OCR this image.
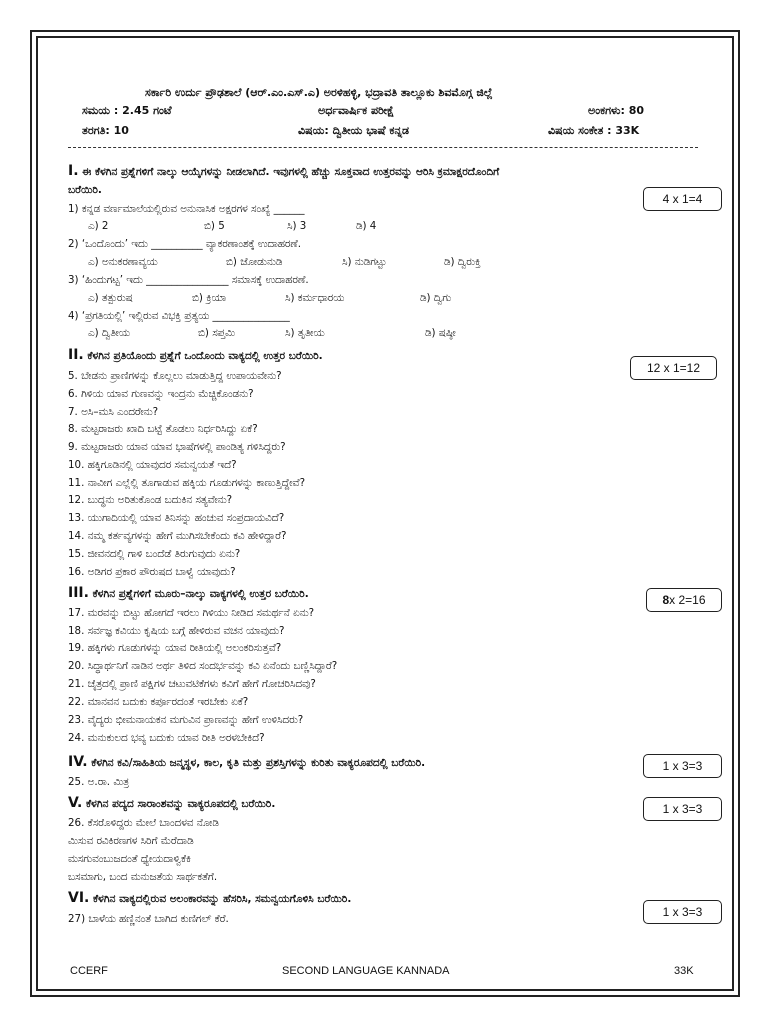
ಸರ್ಕಾರಿ ಉರ್ದು ಪ್ರೌಢಶಾಲೆ (ಆರ್.ಎಂ.ಎಸ್.ಎ) ಅರಳಿಹಳ್ಳಿ, ಭದ್ರಾವತಿ ತಾಲ್ಲೂಕು ಶಿವಮೊಗ್ಗ ಜಿಲ್ಲೆ
ಸಮಯ : 2.45 ಗಂಟೆ	ಅರ್ಧವಾರ್ಷಿಕ ಪರೀಕ್ಷೆ	ಅಂಕಗಳು: 80
ತರಗತಿ: 10	ವಿಷಯ: ದ್ವಿತೀಯ ಭಾಷೆ ಕನ್ನಡ	ವಿಷಯ ಸಂಕೇತ : 33K
I. ಈ ಕೆಳಗಿನ ಪ್ರಶ್ನೆಗಳಿಗೆ ನಾಲ್ಕು ಆಯ್ಕೆಗಳನ್ನು ನೀಡಲಾಗಿದೆ. ಇವುಗಳಲ್ಲಿ ಹೆಚ್ಚು ಸೂಕ್ತವಾದ ಉತ್ತರವನ್ನು ಆರಿಸಿ ಕ್ರಮಾಕ್ಷರದೊಂದಿಗೆ
ಬರೆಯಿರಿ.
4 x 1=4
1) ಕನ್ನಡ ವರ್ಣಮಾಲೆಯಲ್ಲಿರುವ ಅನುನಾಸಿಕ ಅಕ್ಷರಗಳ ಸಂಖ್ಯೆ ______
ಎ) 2	ಬಿ) 5	ಸಿ) 3	ಡಿ) 4
2) ‘ಒಂದೊಂದು’ ಇದು __________ ವ್ಯಾಕರಣಾಂಶಕ್ಕೆ ಉದಾಹರಣೆ.
ಎ) ಅನುಕರಣಾವ್ಯಯ	ಬಿ) ಜೋಡುನುಡಿ	ಸಿ) ನುಡಿಗಟ್ಟು	ಡಿ) ದ್ವಿರುಕ್ತಿ
3) ‘ಹಿಂದುಗಟ್ಟ’ ಇದು ________________ ಸಮಾಸಕ್ಕೆ ಉದಾಹರಣೆ.
ಎ) ತತ್ಪುರುಷ	ಬಿ) ಕ್ರಿಯಾ	ಸಿ) ಕರ್ಮಧಾರಯ	ಡಿ) ದ್ವಿಗು
4) ‘ಪ್ರಗತಿಯಲ್ಲಿ’ ಇಲ್ಲಿರುವ ವಿಭಕ್ತಿ ಪ್ರತ್ಯಯ _______________
ಎ) ದ್ವಿತೀಯ	ಬಿ) ಸಪ್ತಮಿ	ಸಿ) ತೃತೀಯ	ಡಿ) ಷಷ್ಠೀ
II. ಕೆಳಗಿನ ಪ್ರತಿಯೊಂದು ಪ್ರಶ್ನೆಗೆ ಒಂದೊಂದು ವಾಕ್ಯದಲ್ಲಿ ಉತ್ತರ ಬರೆಯಿರಿ.
12 x 1=12
5. ಬೇಡನು ಪ್ರಾಣಿಗಳನ್ನು ಕೊಲ್ಲಲು ಮಾಡುತ್ತಿದ್ದ ಉಪಾಯವೇನು?
6. ಗಿಳಿಯ ಯಾವ ಗುಣವನ್ನು ಇಂದ್ರನು ಮೆಚ್ಚಿಕೊಂಡನು?
7. ಅಸಿ–ಮಸಿ ಎಂದರೇನು?
8. ಮಟ್ಟರಾಜರು ಖಾದಿ ಬಟ್ಟೆ ತೊಡಲು ನಿರ್ಧರಿಸಿದ್ದು ಏಕೆ?
9. ಮಟ್ಟರಾಜರು ಯಾವ ಯಾವ ಭಾಷೆಗಳಲ್ಲಿ ಪಾಂಡಿತ್ಯ ಗಳಿಸಿದ್ದರು?
10. ಹಕ್ಕಿಗೂಡಿನಲ್ಲಿ ಯಾವುದರ ಸಮನ್ವಯತೆ ಇದೆ?
11. ನಾವೀಗ ಎಲ್ಲೆಲ್ಲಿ ತೂಗಾಡುವ ಹಕ್ಕಿಯ ಗೂಡುಗಳನ್ನು ಕಾಣುತ್ತಿದ್ದೇವೆ?
12. ಬುದ್ಧನು ಅರಿತುಕೊಂಡ ಬದುಕಿನ ಸತ್ಯವೇನು?
13. ಯುಗಾದಿಯಲ್ಲಿ ಯಾವ ತಿನಿಸನ್ನು ಹಂಚುವ ಸಂಪ್ರದಾಯವಿದೆ?
14. ನಮ್ಮ ಕರ್ತವ್ಯಗಳನ್ನು ಹೇಗೆ ಮುಗಿಸಬೇಕೆಂದು ಕವಿ ಹೇಳಿದ್ದಾರೆ?
15. ಜೀವನದಲ್ಲಿ ಗಾಳಿ ಬಂದೆಡೆ ತಿರುಗುವುದು ಏನು?
16. ಅಡಿಗರ ಪ್ರಕಾರ ಪೌರುಷದ ಬಾಳ್ವೆ ಯಾವುದು?
III. ಕೆಳಗಿನ ಪ್ರಶ್ನೆಗಳಿಗೆ ಮೂರು–ನಾಲ್ಕು ವಾಕ್ಯಗಳಲ್ಲಿ ಉತ್ತರ ಬರೆಯಿರಿ.	8 x 2=16
17. ಮರವನ್ನು ಬಿಟ್ಟು ಹೋಗದೆ ಇರಲು ಗಿಳಿಯು ನೀಡಿದ ಸಮರ್ಥನೆ ಏನು?
18. ಸರ್ವಜ್ಞ ಕವಿಯು ಕೃಷಿಯ ಬಗ್ಗೆ ಹೇಳಿರುವ ವಚನ ಯಾವುದು?
19. ಹಕ್ಕಿಗಳು ಗೂಡುಗಳನ್ನು ಯಾವ ರೀತಿಯಲ್ಲಿ ಅಲಂಕರಿಸುತ್ತವೆ?
20. ಸಿದ್ಧಾರ್ಥನಿಗೆ ನಾಡಿನ ಅರ್ಥ ತಿಳಿದ ಸಂದರ್ಭವನ್ನು ಕವಿ ಏನೆಂದು ಬಣ್ಣಿಸಿದ್ದಾರೆ?
21. ಚೈತ್ರದಲ್ಲಿ ಪ್ರಾಣಿ ಪಕ್ಷಿಗಳ ಚಟುವಟಿಕೆಗಳು ಕವಿಗೆ ಹೇಗೆ ಗೋಚರಿಸಿದವು?
22. ಮಾನವನ ಬದುಕು ಕರ್ಪೂರದಂತೆ ಇರಬೇಕು ಏಕೆ?
23. ವೈದ್ಯರು ಭೀಮನಾಯಕನ ಮಗುವಿನ ಪ್ರಾಣವನ್ನು ಹೇಗೆ ಉಳಿಸಿದರು?
24. ಮನುಕುಲದ ಭವ್ಯ ಬದುಕು ಯಾವ ರೀತಿ ಅರಳಬೇಕಿದೆ?
IV. ಕೆಳಗಿನ ಕವಿ/ಸಾಹಿತಿಯ ಜನ್ಮಸ್ಥಳ, ಕಾಲ, ಕೃತಿ ಮತ್ತು ಪ್ರಶಸ್ತಿಗಳನ್ನು ಕುರಿತು ವಾಕ್ಯರೂಪದಲ್ಲಿ ಬರೆಯಿರಿ.	1 x 3=3
25. ಅ.ರಾ. ಮಿತ್ರ
V. ಕೆಳಗಿನ ಪದ್ಯದ ಸಾರಾಂಶವನ್ನು ವಾಕ್ಯರೂಪದಲ್ಲಿ ಬರೆಯಿರಿ.	1 x 3=3
26. ಕೆಸರೊಳಿದ್ದರು ಮೇಲೆ ಬಾಂದಳವ ನೋಡಿ
ಮಿಸುವ ರವಿಕಿರಣಗಳ ಸಿರಿಗೆ ಮೆರೆದಾಡಿ
ಮಸಗುವಂಬುಜದಂತೆ ಧ್ಯೇಯದಾಳ್ವಿಕೆಕಿ
ಬಸಮಾಗು, ಬಂದ ಮನುಜತೆಯ ಸಾರ್ಥಕತೆಗೆ.
VI. ಕೆಳಗಿನ ವಾಕ್ಯದಲ್ಲಿರುವ ಅಲಂಕಾರವನ್ನು ಹೆಸರಿಸಿ, ಸಮನ್ವಯಗೊಳಿಸಿ ಬರೆಯಿರಿ.
1 x 3=3
27) ಬಾಳೆಯ ಹಣ್ಣಿನಂತೆ ಬಾಗಿದ ಕುಣಿಗಲ್ ಕೆರೆ.
CCERF	SECOND LANGUAGE KANNADA	33K
